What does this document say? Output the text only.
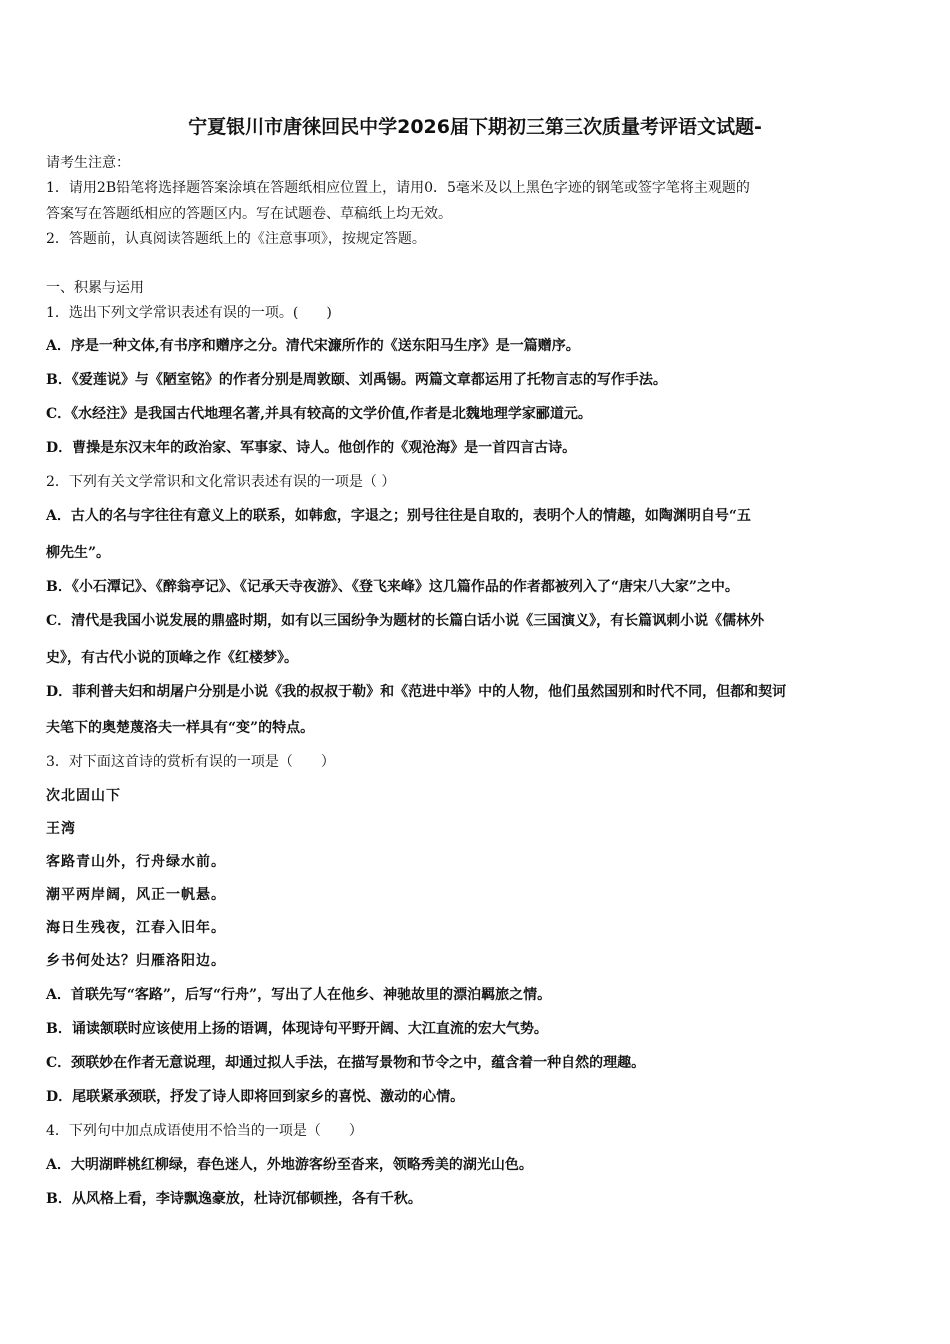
宁夏银川市唐徕回民中学2026届下期初三第三次质量考评语文试题-
请考生注意：
1．请用2B铅笔将选择题答案涂填在答题纸相应位置上，请用0．5毫米及以上黑色字迹的钢笔或签字笔将主观题的
答案写在答题纸相应的答题区内。写在试题卷、草稿纸上均无效。
2．答题前，认真阅读答题纸上的《注意事项》，按规定答题。
一、积累与运用
1．选出下列文学常识表述有误的一项。(　　)
A．序是一种文体,有书序和赠序之分。清代宋濂所作的《送东阳马生序》是一篇赠序。
B．《爱莲说》与《陋室铭》的作者分别是周敦颐、刘禹锡。两篇文章都运用了托物言志的写作手法。
C．《水经注》是我国古代地理名著,并具有较高的文学价值,作者是北魏地理学家郦道元。
D．曹操是东汉末年的政治家、军事家、诗人。他创作的《观沧海》是一首四言古诗。
2．下列有关文学常识和文化常识表述有误的一项是（ ）
A．古人的名与字往往有意义上的联系，如韩愈，字退之；别号往往是自取的，表明个人的情趣，如陶渊明自号“五
柳先生”。
B．《小石潭记》、《醉翁亭记》、《记承天寺夜游》、《登飞来峰》这几篇作品的作者都被列入了“唐宋八大家”之中。
C．清代是我国小说发展的鼎盛时期，如有以三国纷争为题材的长篇白话小说《三国演义》，有长篇讽刺小说《儒林外
史》，有古代小说的顶峰之作《红楼梦》。
D．菲利普夫妇和胡屠户分别是小说《我的叔叔于勒》和《范进中举》中的人物，他们虽然国别和时代不同，但都和契诃
夫笔下的奥楚蔑洛夫一样具有“变”的特点。
3．对下面这首诗的赏析有误的一项是（　　）
次北固山下
王湾
客路青山外，行舟绿水前。
潮平两岸阔，风正一帆悬。
海日生残夜，江春入旧年。
乡书何处达？归雁洛阳边。
A．首联先写“客路”，后写“行舟”，写出了人在他乡、神驰故里的漂泊羁旅之情。
B．诵读颔联时应该使用上扬的语调，体现诗句平野开阔、大江直流的宏大气势。
C．颈联妙在作者无意说理，却通过拟人手法，在描写景物和节令之中，蕴含着一种自然的理趣。
D．尾联紧承颈联，抒发了诗人即将回到家乡的喜悦、激动的心情。
4．下列句中加点成语使用不恰当的一项是（　　）
A．大明湖畔桃红柳绿，春色迷人，外地游客纷至沓来，领略秀美的湖光山色。
B．从风格上看，李诗飘逸豪放，杜诗沉郁顿挫，各有千秋。
